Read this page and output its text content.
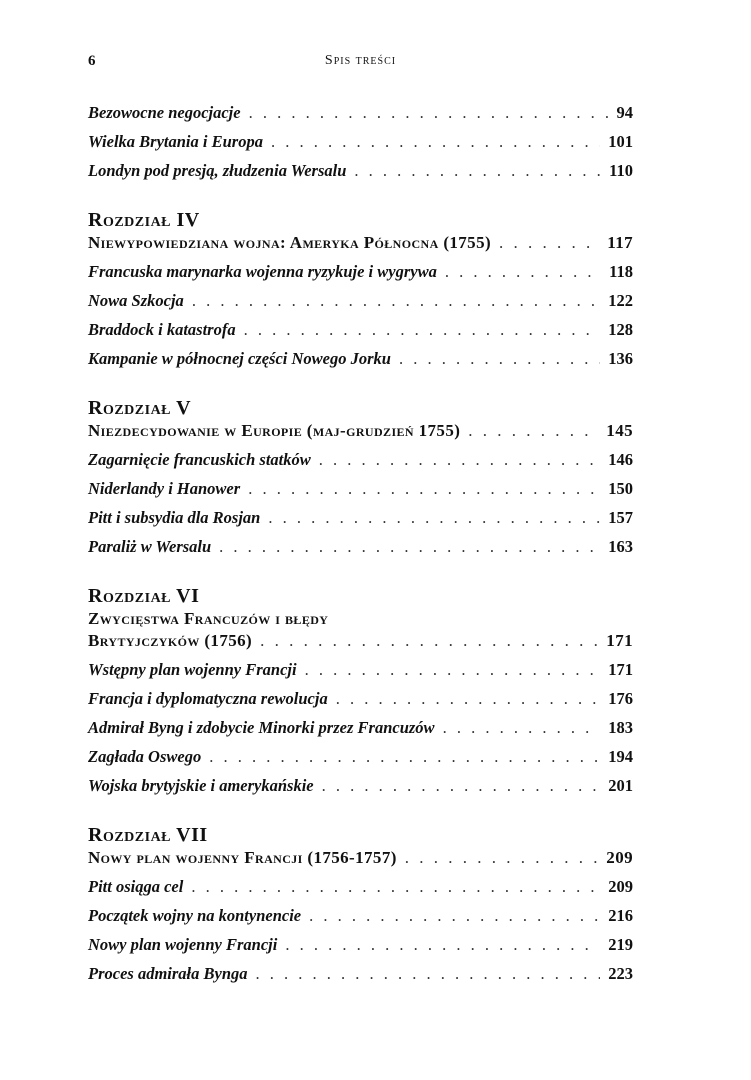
6	Spis treści
Bezowocne negocjacje . . .	94
Wielka Brytania i Europa . . .	101
Londyn pod presją, złudzenia Wersalu . . .	110
Rozdział IV
Niewypowiedziana wojna: Ameryka Północna (1755) . . .	117
Francuska marynarka wojenna ryzykuje i wygrywa . . .	118
Nowa Szkocja . . .	122
Braddock i katastrofa . . .	128
Kampanie w północnej części Nowego Jorku . . .	136
Rozdział V
Niezdecydowanie w Europie (maj-grudzień 1755) . . .	145
Zagarnięcie francuskich statków . . .	146
Niderlandy i Hanower . . .	150
Pitt i subsydia dla Rosjan . . .	157
Paraliż w Wersalu . . .	163
Rozdział VI
Zwycięstwa Francuzów i błędy
Brytyjczyków (1756) . . .	171
Wstępny plan wojenny Francji . . .	171
Francja i dyplomatyczna rewolucja . . .	176
Admirał Byng i zdobycie Minorki przez Francuzów . . .	183
Zagłada Oswego . . .	194
Wojska brytyjskie i amerykańskie . . .	201
Rozdział VII
Nowy plan wojenny Francji (1756-1757) . . .	209
Pitt osiąga cel . . .	209
Początek wojny na kontynencie . . .	216
Nowy plan wojenny Francji . . .	219
Proces admirała Bynga . . .	223
